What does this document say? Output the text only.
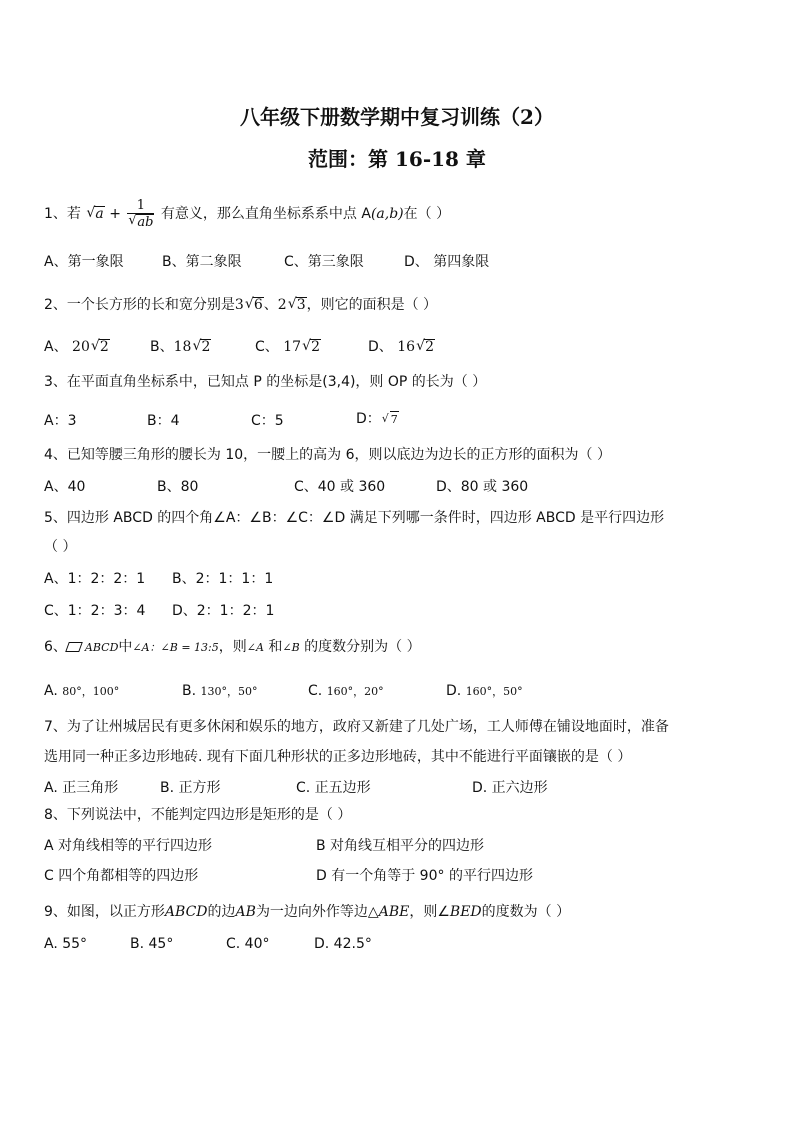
八年级下册数学期中复习训练（2）
范围：第 16-18 章
1、若 √ a + 1
√ ab 有意义，那么直角坐标系系中点 A(a,b)在（ ）
A、第一象限	B、第二象限	C、第三象限	D、 第四象限
2、一个长方形的长和宽分别是3 √ 6、2 √ 3，则它的面积是（ ）
A、 20 √ 2	B、18 √ 2	C、 17 √ 2	D、 16 √ 2
3、在平面直角坐标系中，已知点 P 的坐标是(3,4)，则 OP 的长为（ ）
A：3	B：4	C：5	D： √ 7
4、已知等腰三角形的腰长为 10，一腰上的高为 6，则以底边为边长的正方形的面积为（ ）
A、40	B、80	C、40 或 360	D、80 或 360
5、四边形 ABCD 的四个角∠A：∠B：∠C：∠D 满足下列哪一条件时，四边形 ABCD 是平行四边形
（ ）
A、1：2：2：1 B、2：1：1：1
C、1：2：3：4 D、2：1：2：1
6、 ABCD中∠A：∠B = 13:5，则∠A 和∠B 的度数分别为（ ）
A. 80°，100°	B. 130°，50°	C. 160°，20°	D. 160°，50°
7、为了让州城居民有更多休闲和娱乐的地方，政府又新建了几处广场，工人师傅在铺设地面时，准备
选用同一种正多边形地砖. 现有下面几种形状的正多边形地砖，其中不能进行平面镶嵌的是（ ）
A. 正三角形	B. 正方形	C. 正五边形	D. 正六边形
8、下列说法中，不能判定四边形是矩形的是（ ）
A 对角线相等的平行四边形	B 对角线互相平分的四边形
C 四个角都相等的四边形	D 有一个角等于 90° 的平行四边形
9、如图，以正方形ABCD的边AB为一边向外作等边△ABE，则∠BED的度数为（ ）
A. 55°	B. 45°	C. 40°	D. 42.5°
